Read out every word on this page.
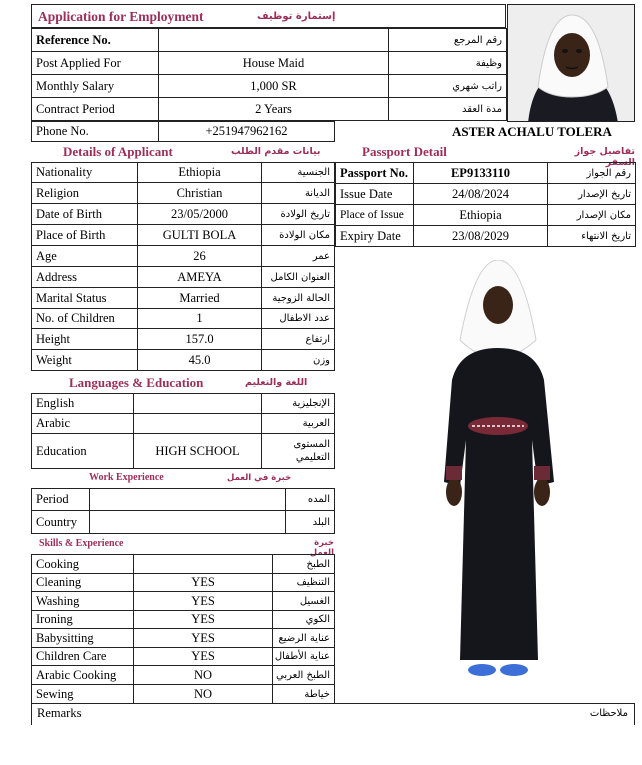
Application for Employment	إستمارة توظيف
Reference No.		رقم المرجع
Post Applied For	House Maid	وظيفة
Monthly Salary	1,000 SR	راتب شهري
Contract Period	2 Years	مدة العقد
Phone No.	+251947962162	ASTER ACHALU TOLERA
Details of Applicant	بيانات مقدم الطلب
Nationality	Ethiopia	الجنسية
Religion	Christian	الديانة
Date of Birth	23/05/2000	تاريخ الولادة
Place of Birth	GULTI BOLA	مكان الولادة
Age	26	عمر
Address	AMEYA	العنوان الكامل
Marital Status	Married	الحالة الزوجية
No. of Children	1	عدد الاطفال
Height	157.0	ارتفاع
Weight	45.0	وزن
Passport Detail	تفاصيل جواز السفر
Passport No.	EP9133110	رقم الجواز
Issue Date	24/08/2024	تاريخ الإصدار
Place of Issue	Ethiopia	مكان الإصدار
Expiry Date	23/08/2029	تاريخ الانتهاء
Languages & Education	اللغة والتعليم
English		الإنجليزية
Arabic		العربية
Education	HIGH SCHOOL	المستوى التعليمي
Work Experience	خبرة في العمل
Period		المده
Country		البلد
Skills & Experience	خبرة العمل
Cooking		الطبخ
Cleaning	YES	التنظيف
Washing	YES	الغسيل
Ironing	YES	الكوي
Babysitting	YES	عناية الرضيع
Children Care	YES	عناية الأطفال
Arabic Cooking	NO	الطبخ العربي
Sewing	NO	خياطة
Remarks	ملاحظات
